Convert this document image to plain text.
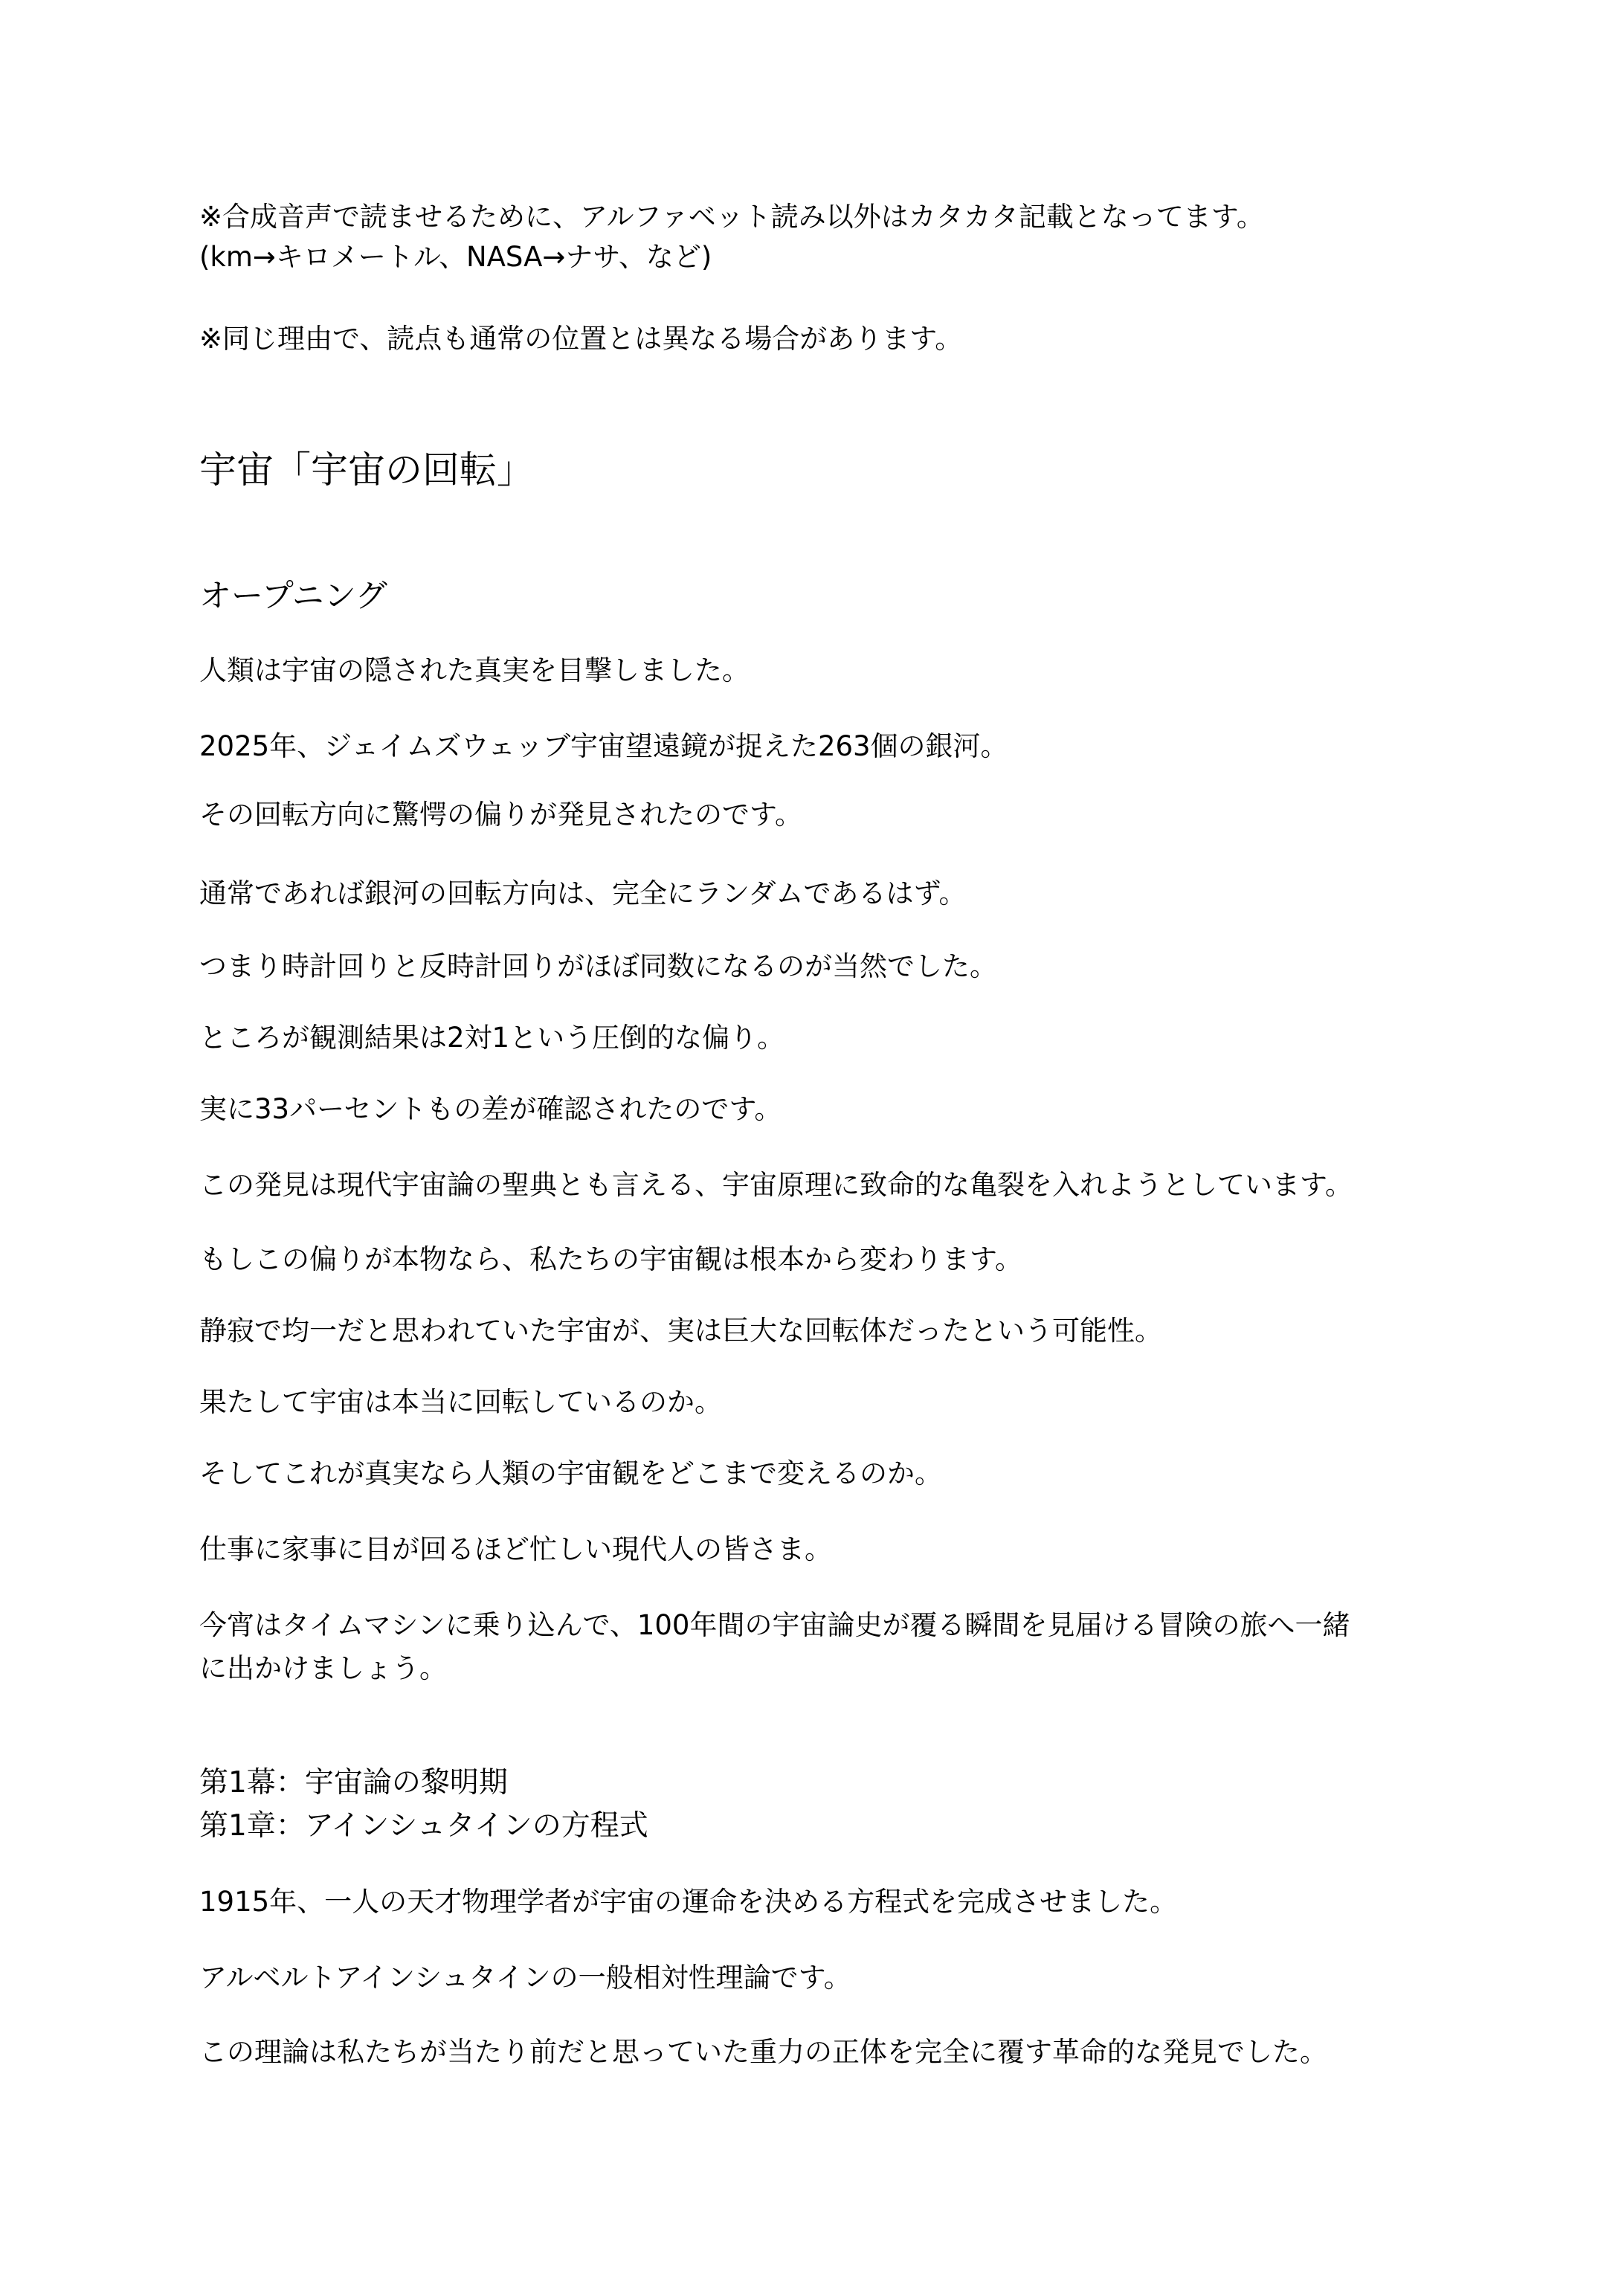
※合成音声で読ませるために、アルファベット読み以外はカタカタ記載となってます。
(km→キロメートル、NASA→ナサ、など)
※同じ理由で、読点も通常の位置とは異なる場合があります。
宇宙「宇宙の回転」
オープニング
人類は宇宙の隠された真実を目撃しました。
2025年、ジェイムズウェッブ宇宙望遠鏡が捉えた263個の銀河。
その回転方向に驚愕の偏りが発見されたのです。
通常であれば銀河の回転方向は、完全にランダムであるはず。
つまり時計回りと反時計回りがほぼ同数になるのが当然でした。
ところが観測結果は2対1という圧倒的な偏り。
実に33パーセントもの差が確認されたのです。
この発見は現代宇宙論の聖典とも言える、宇宙原理に致命的な亀裂を入れようとしています。
もしこの偏りが本物なら、私たちの宇宙観は根本から変わります。
静寂で均一だと思われていた宇宙が、実は巨大な回転体だったという可能性。
果たして宇宙は本当に回転しているのか。
そしてこれが真実なら人類の宇宙観をどこまで変えるのか。
仕事に家事に目が回るほど忙しい現代人の皆さま。
今宵はタイムマシンに乗り込んで、100年間の宇宙論史が覆る瞬間を見届ける冒険の旅へ一緒
に出かけましょう。
第1幕：宇宙論の黎明期
第1章：アインシュタインの方程式
1915年、一人の天才物理学者が宇宙の運命を決める方程式を完成させました。
アルベルトアインシュタインの一般相対性理論です。
この理論は私たちが当たり前だと思っていた重力の正体を完全に覆す革命的な発見でした。
